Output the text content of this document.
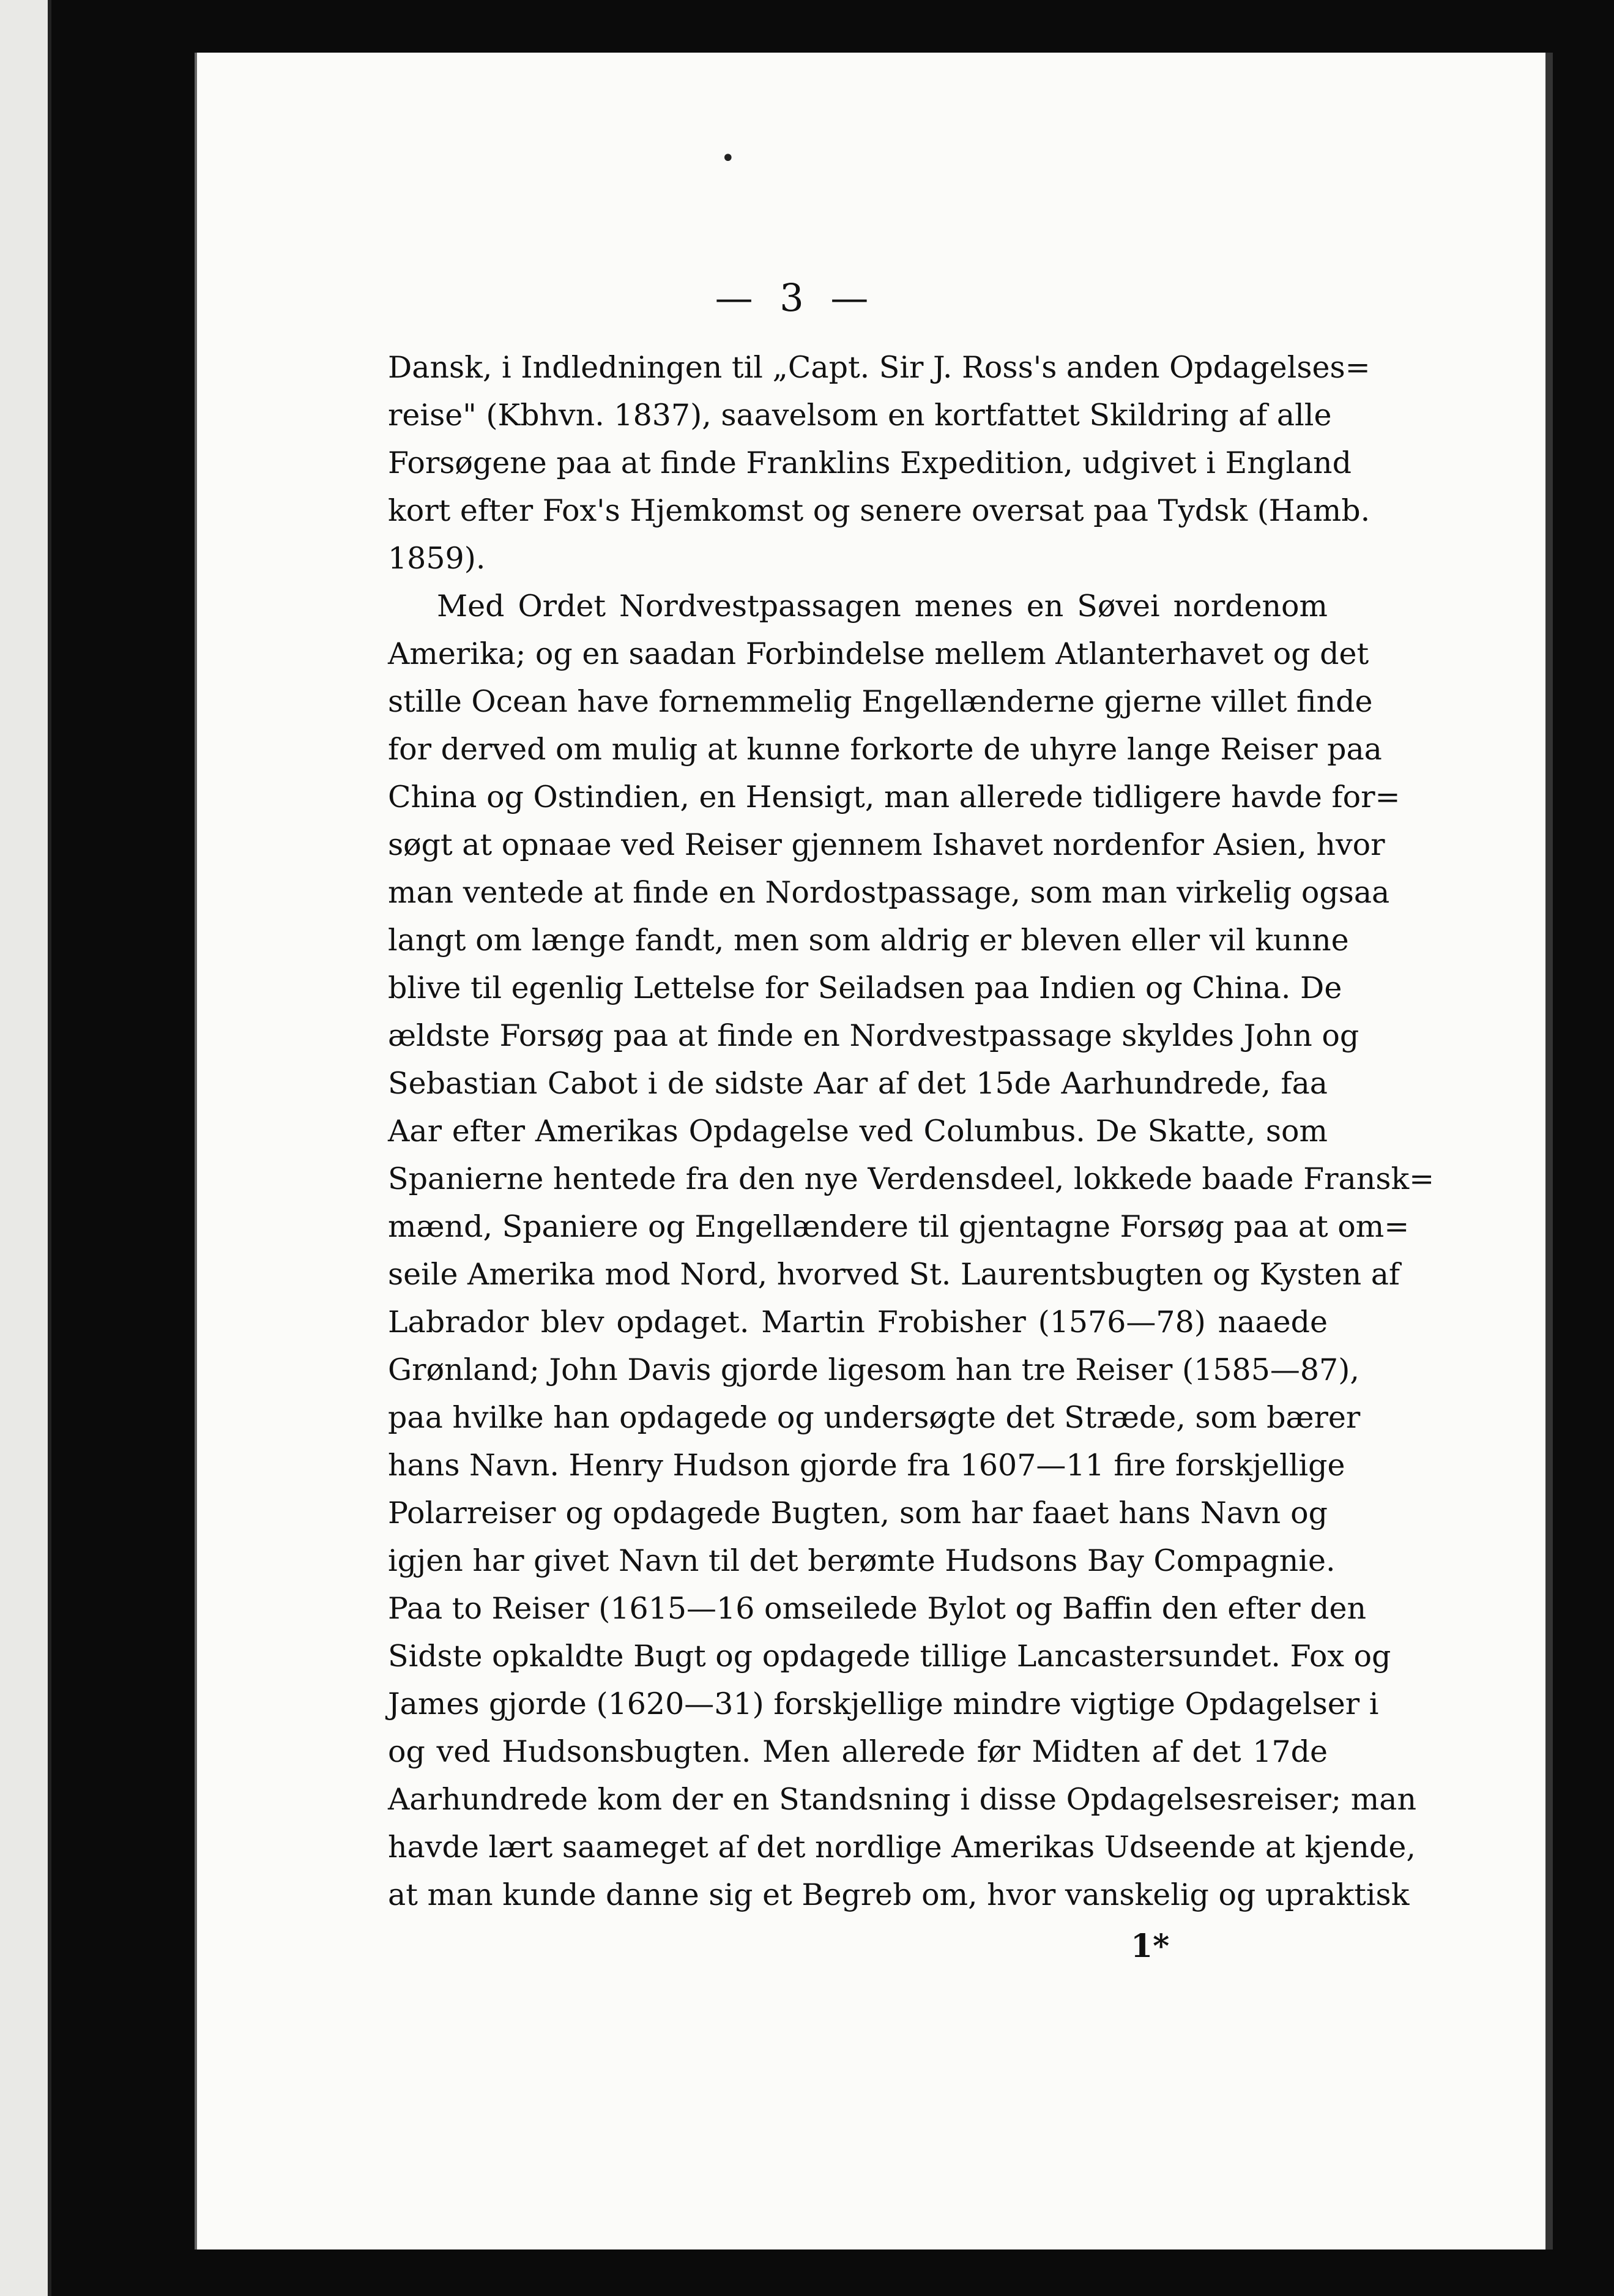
•
— 3 —
Dansk, i Indledningen til „Capt. Sir J. Ross's anden Opdagelses=
reise" (Kbhvn. 1837), saavelsom en kortfattet Skildring af alle
Forsøgene paa at finde Franklins Expedition, udgivet i England
kort efter Fox's Hjemkomst og senere oversat paa Tydsk (Hamb.
1859).
Med Ordet Nordvestpassagen menes en Søvei nordenom
Amerika; og en saadan Forbindelse mellem Atlanterhavet og det
stille Ocean have fornemmelig Engellænderne gjerne villet finde
for derved om mulig at kunne forkorte de uhyre lange Reiser paa
China og Ostindien, en Hensigt, man allerede tidligere havde for=
søgt at opnaae ved Reiser gjennem Ishavet nordenfor Asien, hvor
man ventede at finde en Nordostpassage, som man virkelig ogsaa
langt om længe fandt, men som aldrig er bleven eller vil kunne
blive til egenlig Lettelse for Seiladsen paa Indien og China. De
ældste Forsøg paa at finde en Nordvestpassage skyldes John og
Sebastian Cabot i de sidste Aar af det 15de Aarhundrede, faa
Aar efter Amerikas Opdagelse ved Columbus. De Skatte, som
Spanierne hentede fra den nye Verdensdeel, lokkede baade Fransk=
mænd, Spaniere og Engellændere til gjentagne Forsøg paa at om=
seile Amerika mod Nord, hvorved St. Laurentsbugten og Kysten af
Labrador blev opdaget. Martin Frobisher (1576—78) naaede
Grønland; John Davis gjorde ligesom han tre Reiser (1585—87),
paa hvilke han opdagede og undersøgte det Stræde, som bærer
hans Navn. Henry Hudson gjorde fra 1607—11 fire forskjellige
Polarreiser og opdagede Bugten, som har faaet hans Navn og
igjen har givet Navn til det berømte Hudsons Bay Compagnie.
Paa to Reiser (1615—16 omseilede Bylot og Baffin den efter den
Sidste opkaldte Bugt og opdagede tillige Lancastersundet. Fox og
James gjorde (1620—31) forskjellige mindre vigtige Opdagelser i
og ved Hudsonsbugten. Men allerede før Midten af det 17de
Aarhundrede kom der en Standsning i disse Opdagelsesreiser; man
havde lært saameget af det nordlige Amerikas Udseende at kjende,
at man kunde danne sig et Begreb om, hvor vanskelig og upraktisk
1*
